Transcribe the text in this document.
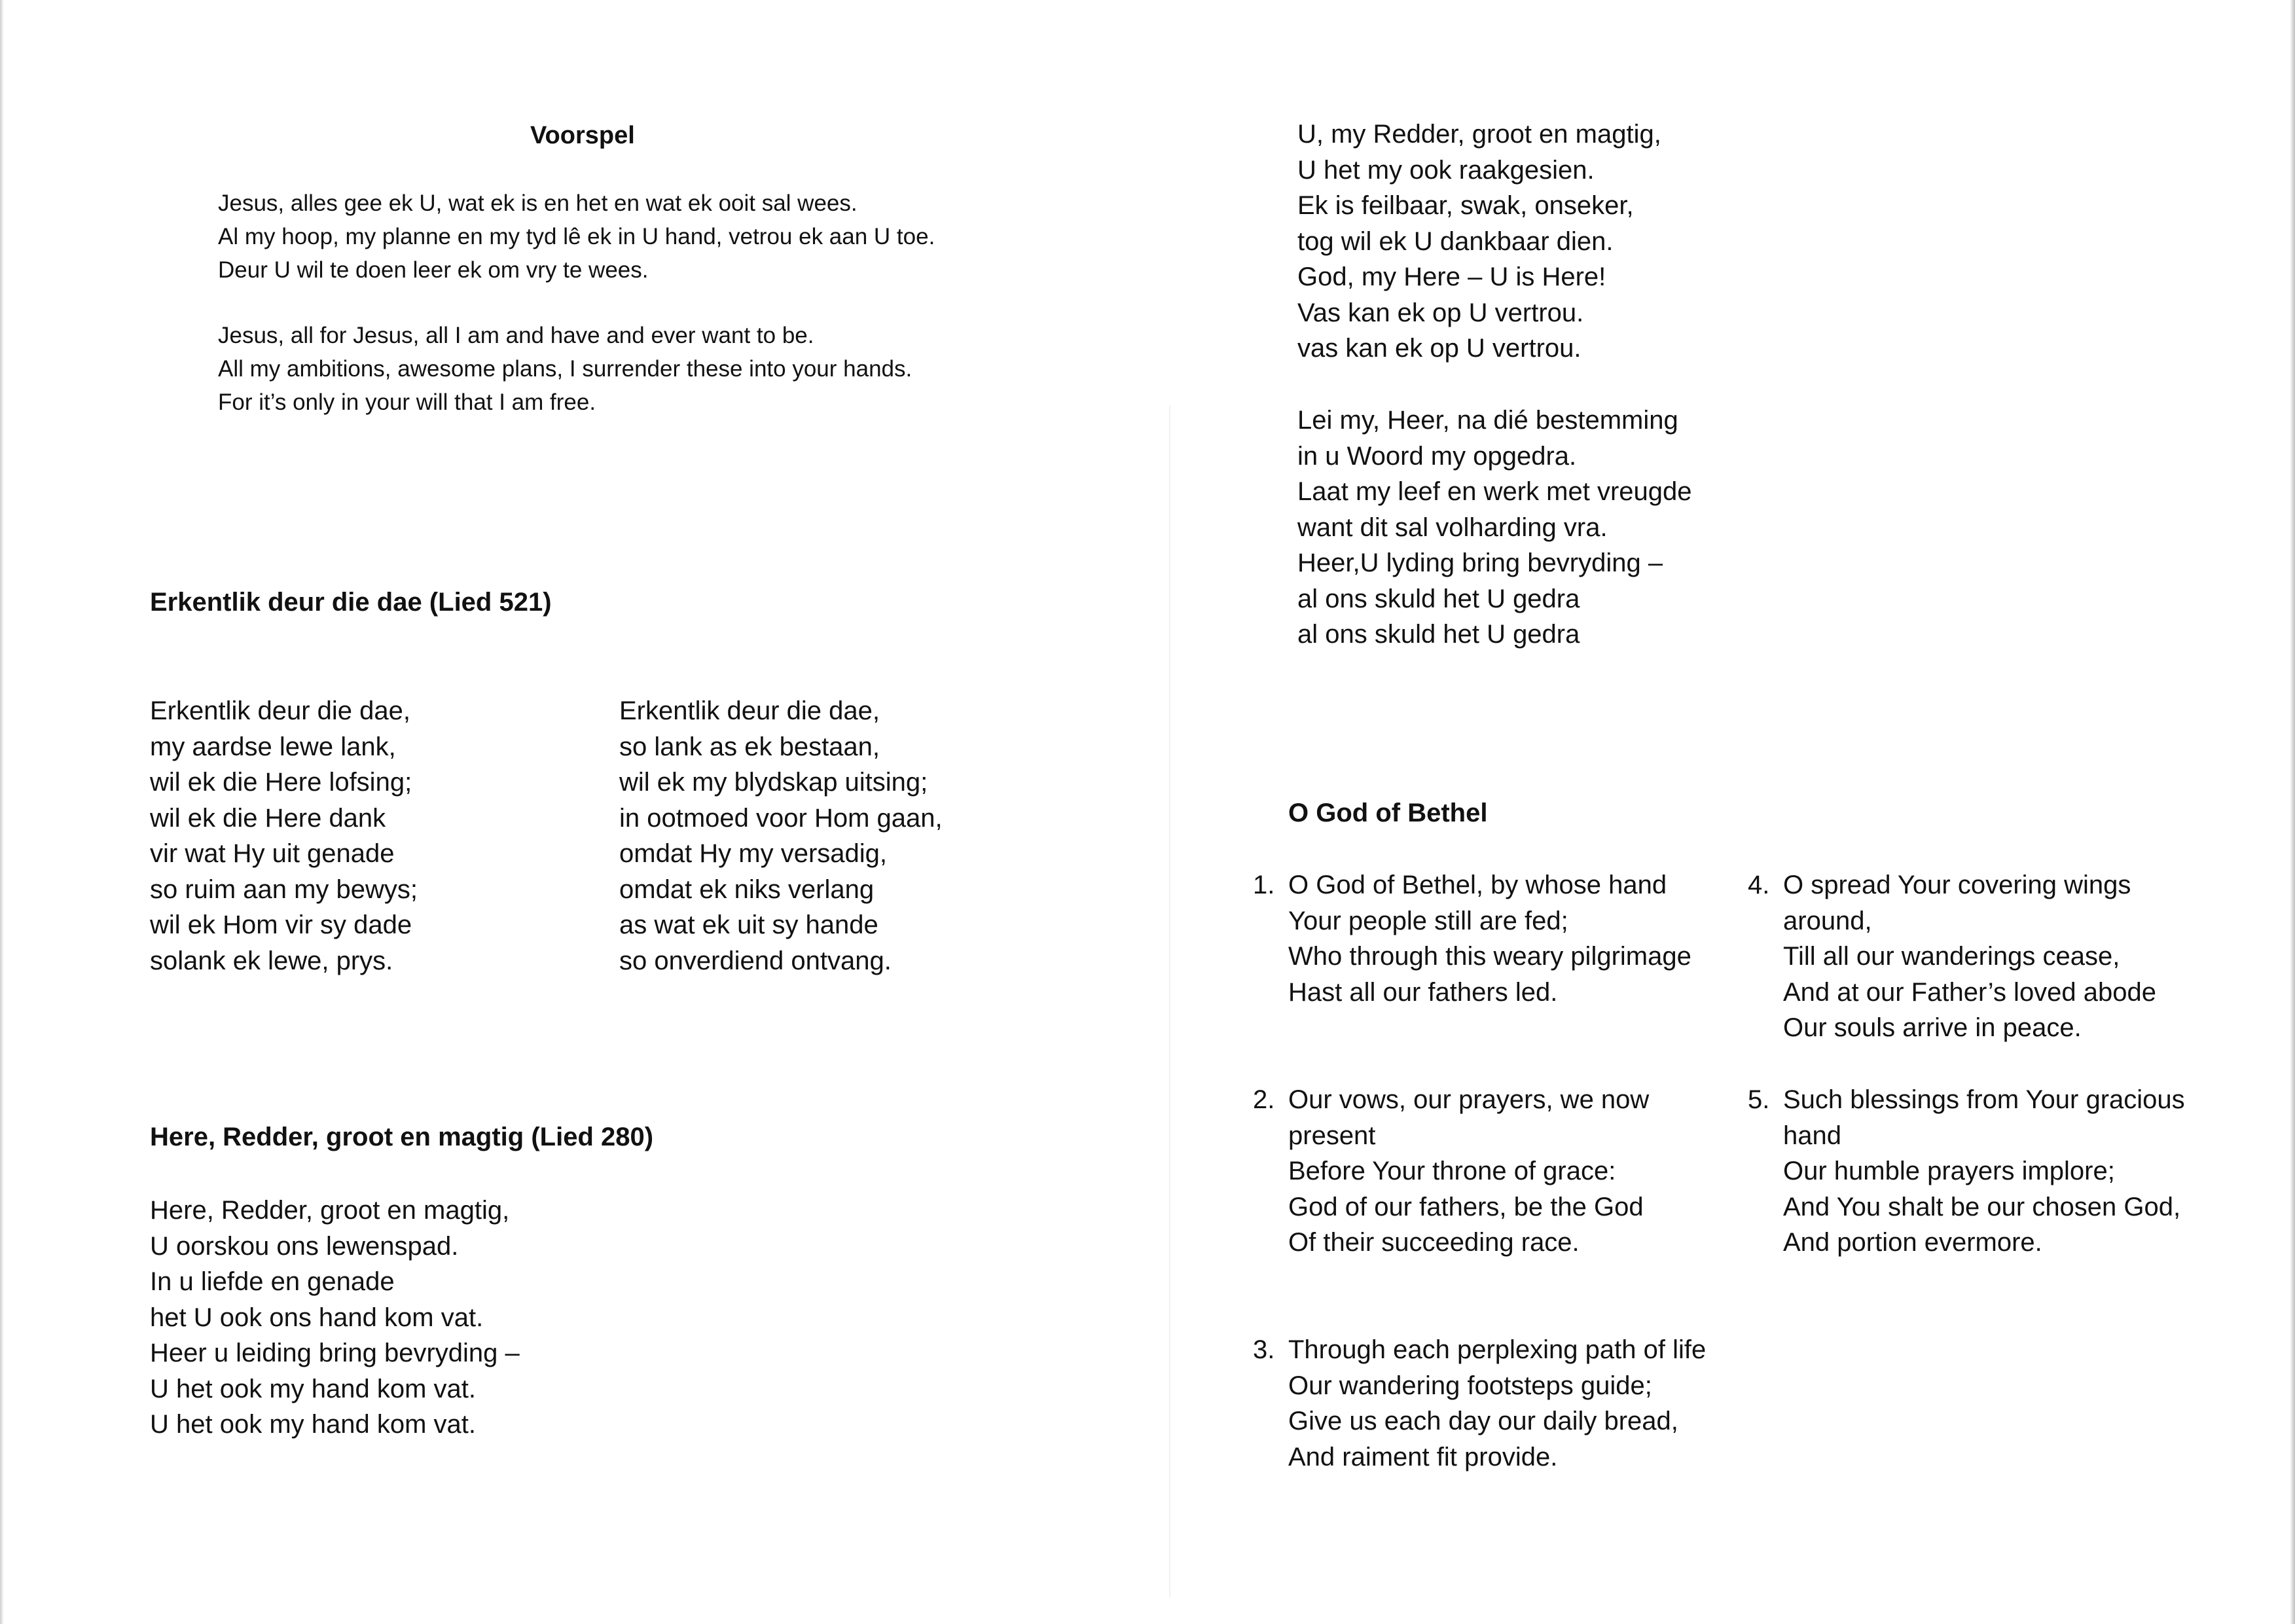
Voorspel
Jesus, alles gee ek U, wat ek is en het en wat ek ooit sal wees.
Al my hoop, my planne en my tyd lê ek in U hand, vetrou ek aan U toe.
Deur U wil te doen leer ek om vry te wees.
Jesus, all for Jesus, all I am and have and ever want to be.
All my ambitions, awesome plans, I surrender these into your hands.
For it’s only in your will that I am free.
Erkentlik deur die dae (Lied 521)
Erkentlik deur die dae,
my aardse lewe lank,
wil ek die Here lofsing;
wil ek die Here dank
vir wat Hy uit genade
so ruim aan my bewys;
wil ek Hom vir sy dade
solank ek lewe, prys.
Erkentlik deur die dae,
so lank as ek bestaan,
wil ek my blydskap uitsing;
in ootmoed voor Hom gaan,
omdat Hy my versadig,
omdat ek niks verlang
as wat ek uit sy hande
so onverdiend ontvang.
Here, Redder, groot en magtig (Lied 280)
Here, Redder, groot en magtig,
U oorskou ons lewenspad.
In u liefde en genade
het U ook ons hand kom vat.
Heer u leiding bring bevryding –
U het ook my hand kom vat.
U het ook my hand kom vat.
U, my Redder, groot en magtig,
U het my ook raakgesien.
Ek is feilbaar, swak, onseker,
tog wil ek U dankbaar dien.
God, my Here – U is Here!
Vas kan ek op U vertrou.
vas kan ek op U vertrou.
Lei my, Heer, na dié bestemming
in u Woord my opgedra.
Laat my leef en werk met vreugde
want dit sal volharding vra.
Heer,U lyding bring bevryding –
al ons skuld het U gedra
al ons skuld het U gedra
O God of Bethel
1. O God of Bethel, by whose hand
Your people still are fed;
Who through this weary pilgrimage
Hast all our fathers led.
2. Our vows, our prayers, we now
present
Before Your throne of grace:
God of our fathers, be the God
Of their succeeding race.
3. Through each perplexing path of life
Our wandering footsteps guide;
Give us each day our daily bread,
And raiment fit provide.
4. O spread Your covering wings
around,
Till all our wanderings cease,
And at our Father’s loved abode
Our souls arrive in peace.
5. Such blessings from Your gracious
hand
Our humble prayers implore;
And You shalt be our chosen God,
And portion evermore.
